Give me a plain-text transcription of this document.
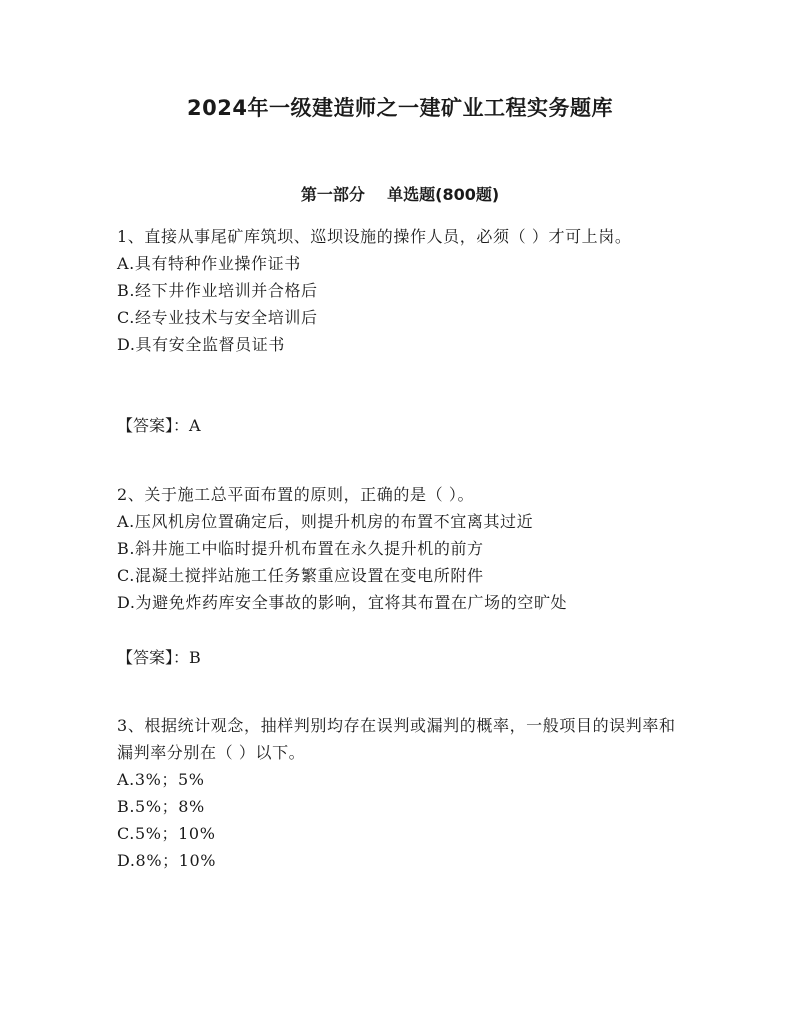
2024年一级建造师之一建矿业工程实务题库
第一部分    单选题(800题)

1、直接从事尾矿库筑坝、巡坝设施的操作人员，必须（ ）才可上岗。

A.具有特种作业操作证书

B.经下井作业培训并合格后

C.经专业技术与安全培训后

D.具有安全监督员证书

【答案】：A

2、关于施工总平面布置的原则，正确的是（ ）。

A.压风机房位置确定后，则提升机房的布置不宜离其过近

B.斜井施工中临时提升机布置在永久提升机的前方

C.混凝土搅拌站施工任务繁重应设置在变电所附件

D.为避免炸药库安全事故的影响，宜将其布置在广场的空旷处

【答案】：B

3、根据统计观念，抽样判别均存在误判或漏判的概率，一般项目的误判率和漏判率分别在（ ）以下。

A.3%；5%

B.5%；8%

C.5%；10%

D.8%；10%
